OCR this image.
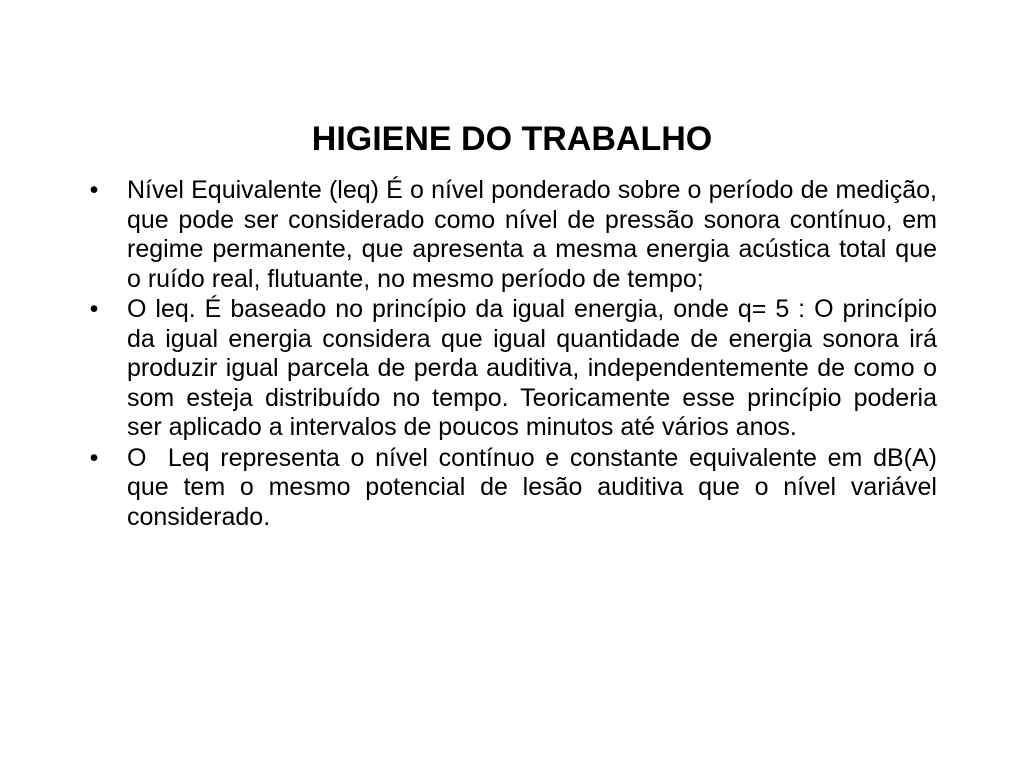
HIGIENE DO TRABALHO
• Nível Equivalente (leq) É o nível ponderado sobre o período de medição, que pode ser considerado como nível de pressão sonora contínuo, em regime permanente, que apresenta a mesma energia acústica total que o ruído real, flutuante, no mesmo período de tempo;
• O leq. É baseado no princípio da igual energia, onde q= 5 : O princípio da igual energia considera que igual quantidade de energia sonora irá produzir igual parcela de perda auditiva, independentemente de como o som esteja distribuído no tempo. Teoricamente esse princípio poderia ser aplicado a intervalos de poucos minutos até vários anos.
• O  Leq representa o nível contínuo e constante equivalente em dB(A) que tem o mesmo potencial de lesão auditiva que o nível variável considerado.
